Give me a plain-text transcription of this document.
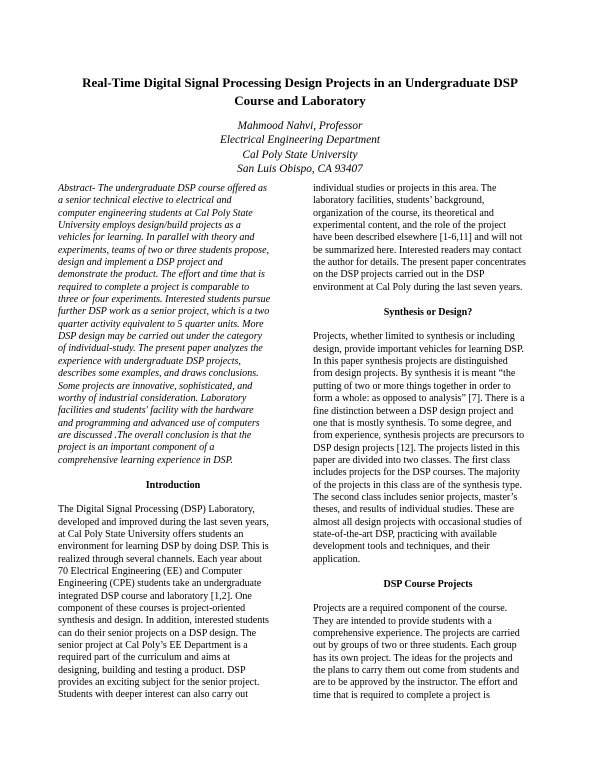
Real-Time Digital Signal Processing Design Projects in an Undergraduate DSP
Course and Laboratory
Mahmood Nahvi, Professor
Electrical Engineering Department
Cal Poly State University
San Luis Obispo, CA 93407
Abstract- The undergraduate DSP course offered as
a senior technical elective to electrical and
computer engineering students at Cal Poly State
University employs design/build projects as a
vehicles for learning. In parallel with theory and
experiments, teams of two or three students propose,
design and implement a DSP project and
demonstrate the product. The effort and time that is
required to complete a project is comparable to
three or four experiments. Interested students pursue
further DSP work as a senior project, which is a two
quarter activity equivalent to 5 quarter units. More
DSP design may be carried out under the category
of individual-study. The present paper analyzes the
experience with undergraduate DSP projects,
describes some examples, and draws conclusions.
Some projects are innovative, sophisticated, and
worthy of industrial consideration. Laboratory
facilities and students' facility with the hardware
and programming and advanced use of computers
are discussed .The overall conclusion is that the
project is an important component of a
comprehensive learning experience in DSP.
Introduction
The Digital Signal Processing (DSP) Laboratory,
developed and improved during the last seven years,
at Cal Poly State University offers students an
environment for learning DSP by doing DSP. This is
realized through several channels. Each year about
70 Electrical Engineering (EE) and Computer
Engineering (CPE) students take an undergraduate
integrated DSP course and laboratory [1,2]. One
component of these courses is project-oriented
synthesis and design. In addition, interested students
can do their senior projects on a DSP design. The
senior project at Cal Poly’s EE Department is a
required part of the curriculum and aims at
designing, building and testing a product. DSP
provides an exciting subject for the senior project.
Students with deeper interest can also carry out
individual studies or projects in this area. The
laboratory facilities, students’ background,
organization of the course, its theoretical and
experimental content, and the role of the project
have been described elsewhere [1-6,11] and will not
be summarized here. Interested readers may contact
the author for details. The present paper concentrates
on the DSP projects carried out in the DSP
environment at Cal Poly during the last seven years.
Synthesis or Design?
Projects, whether limited to synthesis or including
design, provide important vehicles for learning DSP.
In this paper synthesis projects are distinguished
from design projects. By synthesis it is meant “the
putting of two or more things together in order to
form a whole: as opposed to analysis” [7]. There is a
fine distinction between a DSP design project and
one that is mostly synthesis. To some degree, and
from experience, synthesis projects are precursors to
DSP design projects [12]. The projects listed in this
paper are divided into two classes. The first class
includes projects for the DSP courses. The majority
of the projects in this class are of the synthesis type.
The second class includes senior projects, master’s
theses, and results of individual studies. These are
almost all design projects with occasional studies of
state-of-the-art DSP, practicing with available
development tools and techniques, and their
application.
DSP Course Projects
Projects are a required component of the course.
They are intended to provide students with a
comprehensive experience. The projects are carried
out by groups of two or three students. Each group
has its own project. The ideas for the projects and
the plans to carry them out come from students and
are to be approved by the instructor. The effort and
time that is required to complete a project is
